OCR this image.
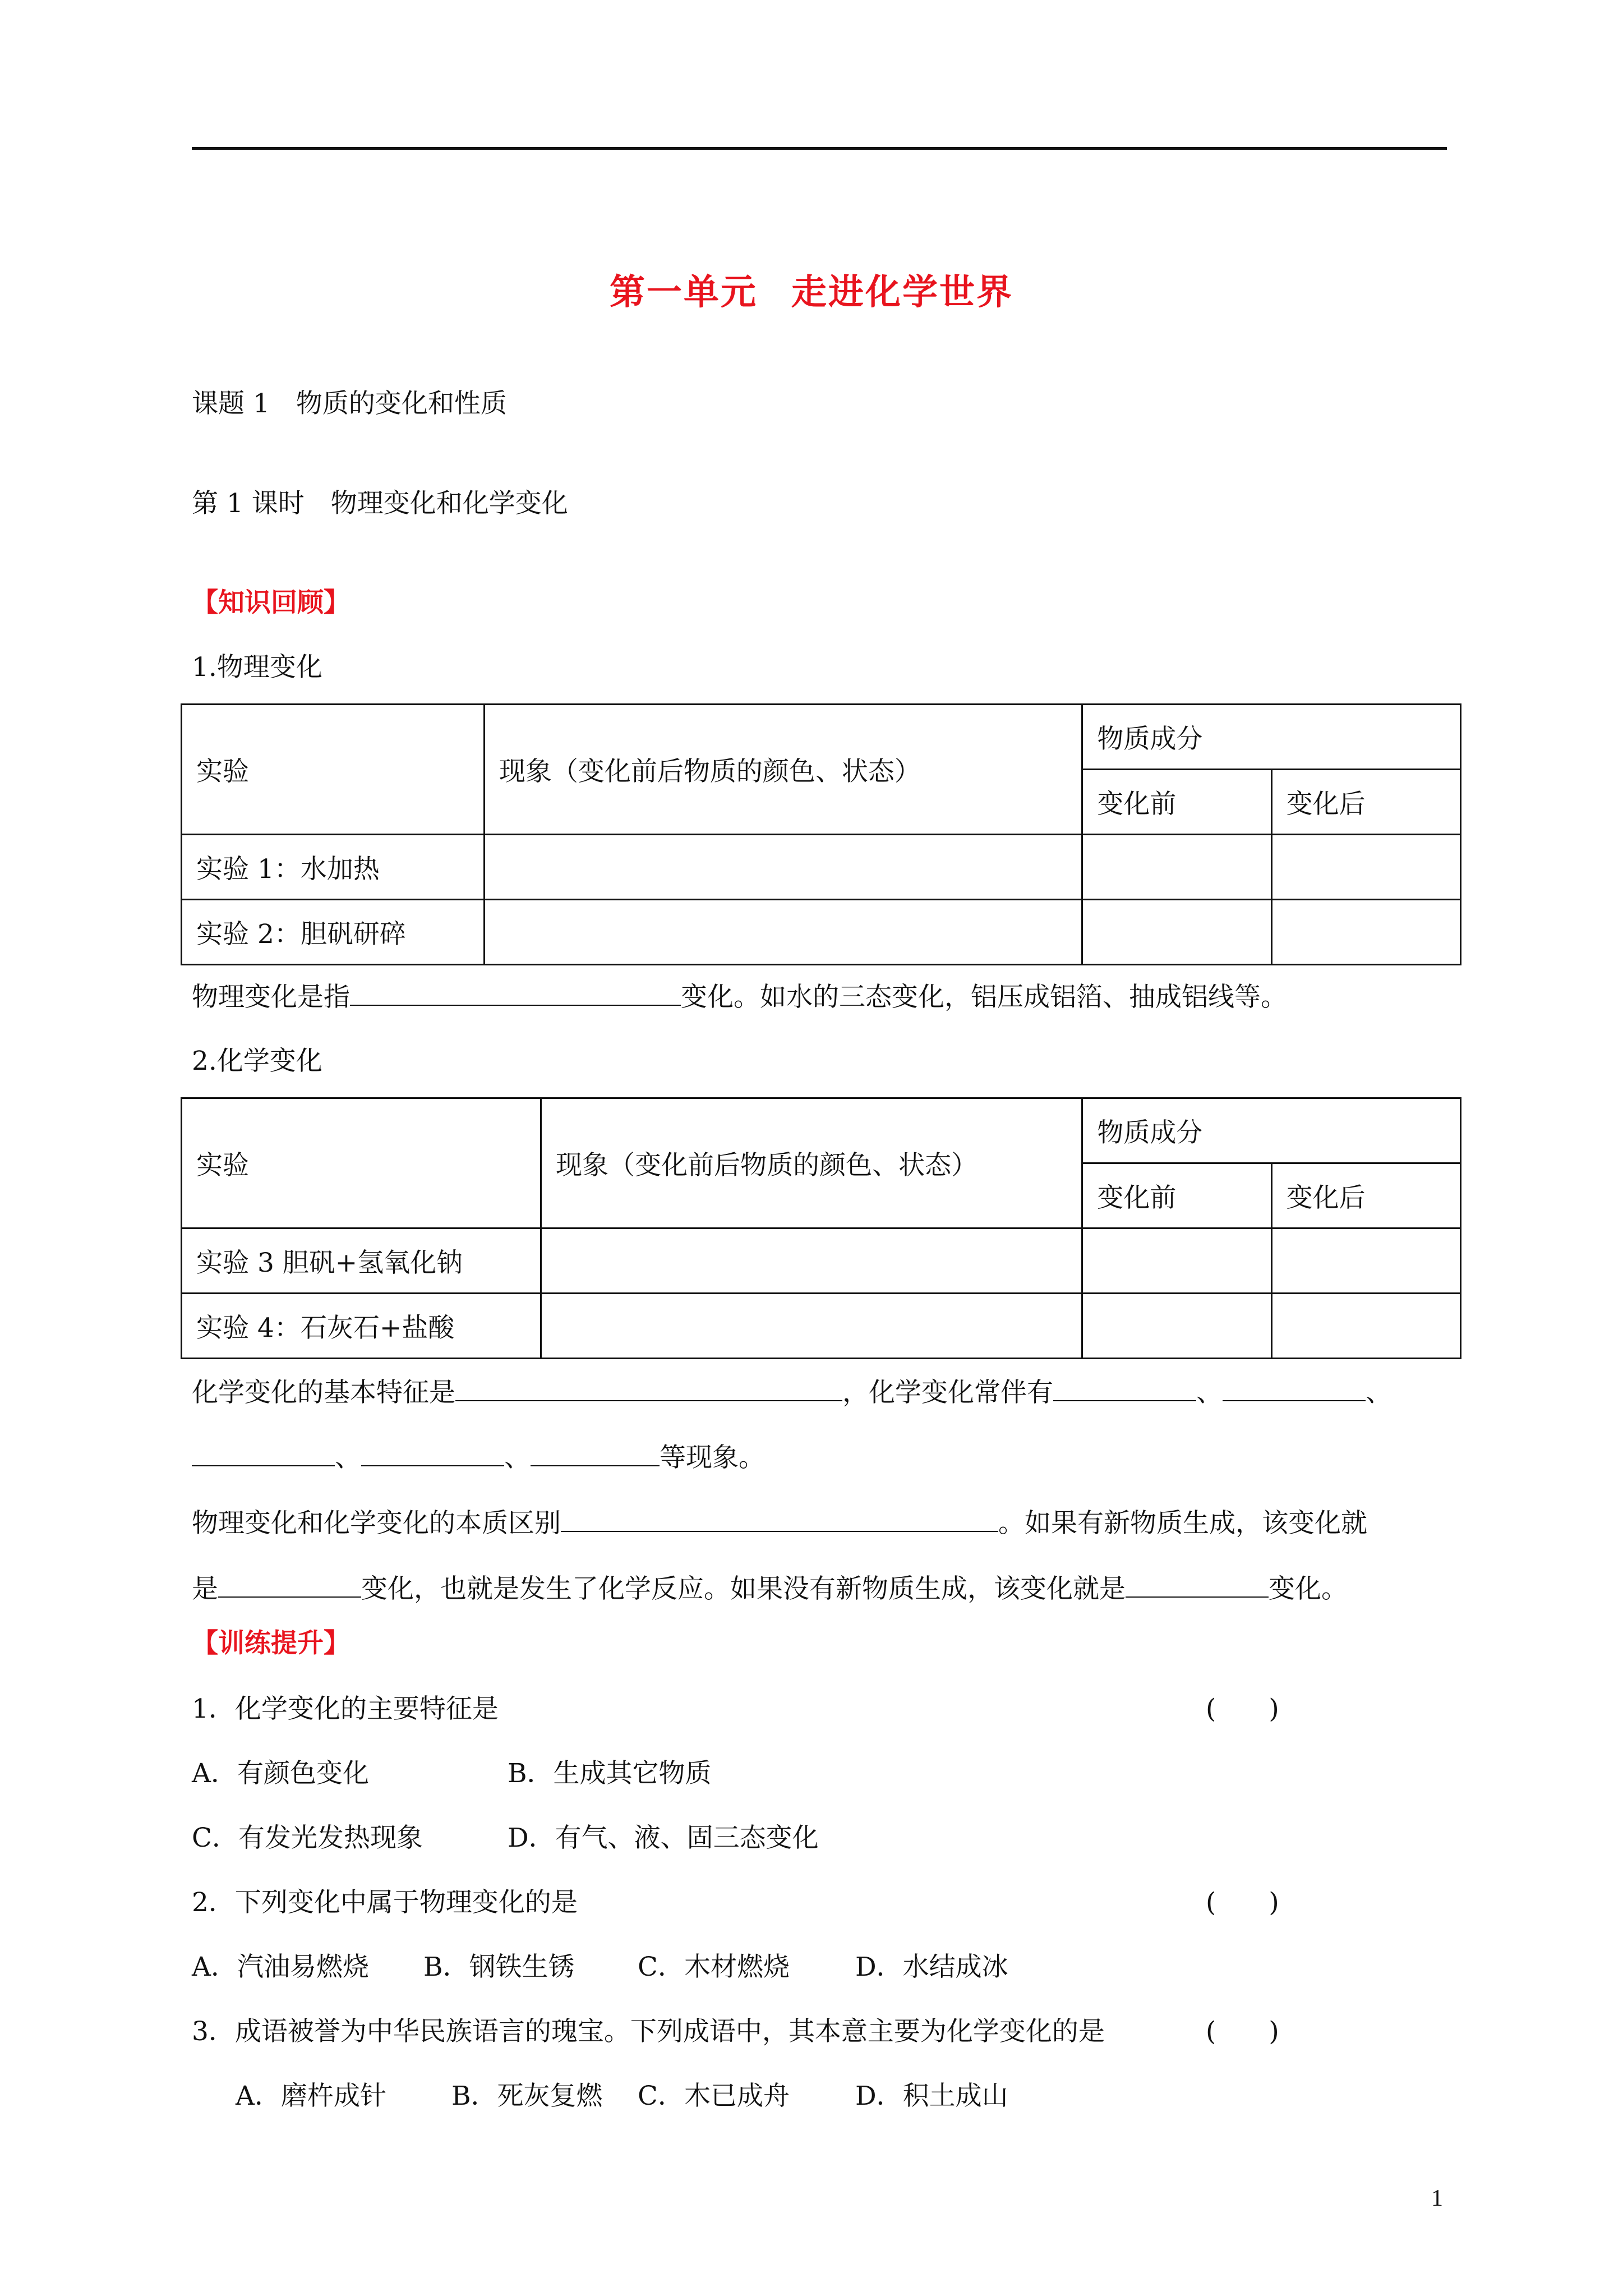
第一单元 走进化学世界
课题 1　物质的变化和性质
第 1 课时　物理变化和化学变化
【知识回顾】
1.物理变化
实验	现象（变化前后物质的颜色、状态）	物质成分	
		变化前	变化后
实验 1：水加热			
实验 2：胆矾研碎			
物理变化是指	变化。如水的三态变化，铝压成铝箔、抽成铝线等。
2.化学变化
实验	现象（变化前后物质的颜色、状态）	物质成分	
		变化前	变化后
实验 3 胆矾+氢氧化钠			
实验 4：石灰石+盐酸			
化学变化的基本特征是	，化学变化常伴有	、	、
、	、	等现象。
物理变化和化学变化的本质区别	。如果有新物质生成，该变化就
是	变化，也就是发生了化学反应。如果没有新物质生成，该变化就是	变化。
【训练提升】
1．化学变化的主要特征是	(　　)
A．有颜色变化	B．生成其它物质
C．有发光发热现象	D．有气、液、固三态变化
2．下列变化中属于物理变化的是	(　　)
A．汽油易燃烧 B．钢铁生锈 C．木材燃烧 D．水结成冰
3．成语被誉为中华民族语言的瑰宝。下列成语中，其本意主要为化学变化的是	(　　)
A．磨杵成针 B．死灰复燃 C．木已成舟 D．积土成山
1
